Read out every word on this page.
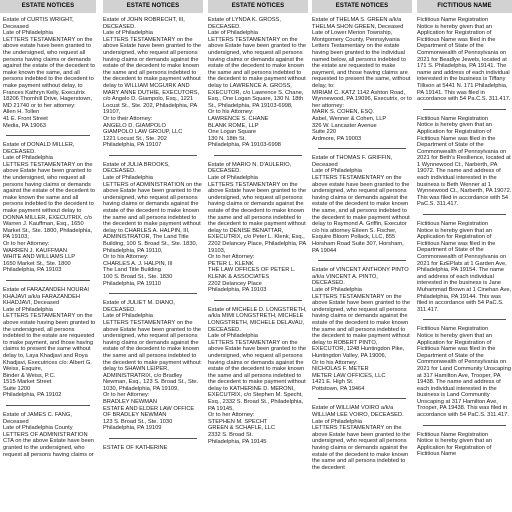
ESTATE NOTICES
Estate of CURTIS WRIGHT, Deceased
Late of Philadelphia
LETTERS TESTAMENTARY on the above estate have been granted to the undersigned, who request all persons having claims or demands against the estate of the decedent to make known the same, and all persons indebted to the decedent to make payment without delay, to Frances Kathryn Kelly, Executrix 18206 Thornhill Drive, Hagerstown, MD 21740 or to her attorney:
Allen H. Tollen
41 E. Front Street
Media, PA 19063
Estate of DONALD MILLER, DECEASED.
Late of Philadelphia
LETTERS TESTAMENTARY on the above Estate have been granted to the undersigned, who request all persons having claims or demands against the estate of the decedent to make known the same and all persons indebted to the decedent to make payment without delay to DONNA MILLER, EXECUTRIX, c/o Warren J. Kauffman, Esq., 1650 Market St., Ste. 1800, Philadelphia, PA 19103,
Or to her Attorney:
WARREN J. KAUFFMAN
WHITE AND WILLIAMS LLP
1650 Market St., Ste. 1800
Philadelphia, PA 19103
Estate of FARAZANDEH NOURAI KHAJAVI a/k/a FARAZANDEH KHADJAVI, Deceased
Late of Philadelphia
LETTERS TESTAMENTARY on the above estate having been granted to the undersigned, all persons indebted to the estate are requested to make payment, and those having claims to present the same without delay to, Laya Khadjavi and Roya Khadjavi, Executrices c/o: Albert G. Weiss, Esquire,
Binder & Weiss, P.C.
1515 Market Street
Suite 1200
Philadelphia, PA 19102
Estate of JAMES C. FANG, Deceased
Late of Philadelphia County
LETTERS OF ADMINISTRATION CTA on the above Estate have been granted to the undersigned, who request all persons having claims or
ESTATE NOTICES
Estate of JOHN ROBRECHT, III, DECEASED.
Late of Philadelphia
LETTERS TESTAMENTARY on the above Estate have been granted to the undersigned, who request all persons having claims or demands against the estate of the decedent to make known the same and all persons indebted to the decedent to make payment without delay to WILLIAM MCGUIRK AND MARY ANNE DUTHIE, EXECUTORS, c/o Angelo D. Giampolo, Esq., 1221 Locust St., Ste. 202, Philadelphia, PA 19107,
Or to their Attorney:
ANGELO D. GIAMPOLO
GIAMPOLO LAW GROUP, LLC
1221 Locust St., Ste. 202
Philadelphia, PA 19107
Estate of JULIA BROOKS, DECEASED.
Late of Philadelphia
LETTERS of ADMINISTRATION on the above Estate have been granted to the undersigned, who request all persons having claims or demands against the estate of the decedent to make known the same and all persons indebted to the decedent to make payment without delay to CHARLES A. HALPIN, III, ADMINISTRATOR, The Land Title Building, 100 S. Broad St., Ste. 1830, Philadelphia, PA 19110,
Or to his Attorney:
CHARLES A. J. HALPIN, III
The Land Title Building
100 S. Broad St., Ste. 1830
Philadelphia, PA 19110
Estate of JULIET M. DIANO, DECEASED.
Late of Philadelphia
LETTERS TESTAMENTARY on the above Estate have been granted to the undersigned, who request all persons having claims or demands against the estate of the decedent to make known the same and all persons indebted to the decedent to make payment without delay to SHAWN LEIPER, ADMINISTRATRIX, c/o Bradley Newman, Esq., 123 S. Broad St., Ste. 1030, Philadelphia, PA 19109,
Or to her Attorney:
BRADLEY NEWMAN
ESTATE AND ELDER LAW OFFICE OF BRADLEY NEWMAN
123 S. Broad St., Ste. 1030
Philadelphia, PA 19109
ESTATE OF KATHERINE
ESTATE NOTICES
Estate of LYNDA K. GROSS, DECEASED.
Late of Philadelphia
LETTERS TESTAMENTARY on the above Estate have been granted to the undersigned, who request all persons having claims or demands against the estate of the decedent to make known the same and all persons indebted to the decedent to make payment without delay to LAWRENCE A. GROSS, EXECUTOR, c/o Lawrence S. Chane, Esq., One Logan Square, 130 N. 18th St., Philadelphia, PA 19103-6998,
Or to his Attorney:
LAWRENCE S. CHANE
BLANK ROME, LLP
One Logan Square
130 N. 18th St.
Philadelphia, PA 19103-6998
Estate of MARIO N. D'AULERIO, DECEASED.
Late of Philadelphia
LETTERS TESTAMENTARY on the above Estate have been granted to the undersigned, who request all persons having claims or demands against the estate of the decedent to make known the same and all persons indebted to the decedent to make payment without delay to DENISE BENATTAR, EXECUTRIX, c/o Peter L. Klenk, Esq., 2202 Delancey Place, Philadelphia, PA 19103,
Or to her Attorney:
PETER L. KLENK
THE LAW OFFICES OF PETER L. KLENK & ASSOCIATES
2202 Delancey Place
Philadelphia, PA 19103
Estate of MICHELE D. LONGSTRETH, a/k/a MIMI LONGSTRETH, MICHELE LONGSTRETH, MICHELE DELAVAU, DECEASED.
Late of Philadelphia
LETTERS TESTAMENTARY on the above Estate have been granted to the undersigned, who request all persons having claims or demands against the estate of the decedent to make known the same and all persons indebted to the decedent to make payment without delay to KATHERINE D. MERONI, EXECUTRIX, c/o Stephen M. Specht, Esq., 2332 S. Broad St., Philadelphia, PA 19145,
Or to her Attorney:
STEPHEN M. SPECHT
GREEN & SCHAFLE, LLC
2332 S. Broad St.
Philadelphia, PA 19145
ESTATE NOTICES
Estate of THELMA S. GREEN a/k/a THELMA SHON GREEN, Deceased
Late of Lower Merion Township, Montgomery County, Pennsylvania
Letters Testamentary on the estate having been granted to the individual named below, all persons indebted to the estate are requested to make payment, and those having claims are requested to present the same, without delay, to:
MIRIAM C. KATZ 1142 Ashton Road, Wynnewood, PA 19096, Executrix, or to her attorney:
MARK S. COHEN, ESQ.
Asbel, Wenner & Cohen, LLP
326 W. Lancaster Avenue
Suite 220
Ardmore, PA 19003
Estate of THOMAS F. GRIFFIN, Deceased
Late of Philadelphia
LETTERS TESTAMENTARY on the above estate have been granted to the undersigned, who request all persons having claims or demands against the estate of the decedent to make known the same, and all persons indebted to the decedent to make payment without delay to Raymond A. Griffin, Executor c/o his attorney Eileen S. Fischer, Esquire Bloom Pollack, LLC, 855 Horsham Road Suite 307, Horsham, PA 19044
Estate of VINCENT ANTHONY PINTO a/k/a VINCENT A. PINTO, DECEASED.
Late of Philadelphia
LETTERS TESTAMENTARY on the above Estate have been granted to the undersigned, who request all persons having claims or demands against the estate of the decedent to make known the same and all persons indebted to the decedent to make payment without delay to ROBERT PINTO, EXECUTOR, 1248 Huntingdon Pike, Huntingdon Valley, PA 19006,
Or to his Attorney:
NICHOLAS F. METER
METER LAW OFFICES, LLC
1421 E. High St.
Pottstown, PA 19464
Estate of WILLIAM VOIRO a/k/a WILLIAM LEE VOIRO, DECEASED.
Late of Philadelphia
LETTERS TESTAMENTARY on the above Estate have been granted to the undersigned, who request all persons having claims or demands against the estate of the decedent to make known the same and all persons indebted to the decedent
FICTITIOUS NAME
Fictitious Name Registration
Notice is hereby given that an Application for Registration of Fictitious Name was filed in the Department of State of the Commonwealth of Pennsylvania on 2021 for Beadlye Jewels, located at 171 S. Philadelphia, PA 19141. The name and address of each individual interested in the business is Tiffany Tillison at 5441 N. 171 Philadelphia, PA 19141. This was filed in accordance with 54 Pa.C.S. 311.417.
Fictitious Name Registration
Notice is hereby given that an Application for Registration of Fictitious Name was filed in the Department of State of the Commonwealth of Pennsylvania on 2021 for Beth's Resilience, located at 1 Wynnewood Ct., Narberth, PA 19072. The name and address of each individual interested in the business is Beth Wenner at 1 Wynnewood Ct., Narberth, PA 19072. This was filed in accordance with 54 PaC.S. 311.417.
Fictitious Name Registration
Notice is hereby given that an Application for Registration of Fictitious Name was filed in the Department of State of the Commonwealth of Pennsylvania on 2021 for EzEPlats at 1 Garden Ave, Philadelphia, PA 19154. The name and address of each individual interested in the business is Jane Muhammad Brown at 1 Cinehan Ave, Philadelphia, PA 19144. This was filed in accordance with 54 PaC.S. 311.417.
Fictitious Name Registration
Notice is hereby given that an Application for Registration of Fictitious Name was filed in the Department of State of the Commonwealth of Pennsylvania on 2021 for Land Community Unscaping at 317 Hamilton Ave, Trooper, PA 19438. The name and address of each individual interested in the business is Land Community Unscaping at 317 Hamilton Ave, Trooper, PA 19438. This was filed in accordance with 54 PaC.S. 311.417.
Fictitious Name Registration
Notice is hereby given that an Application for Registration of Fictitious Name
